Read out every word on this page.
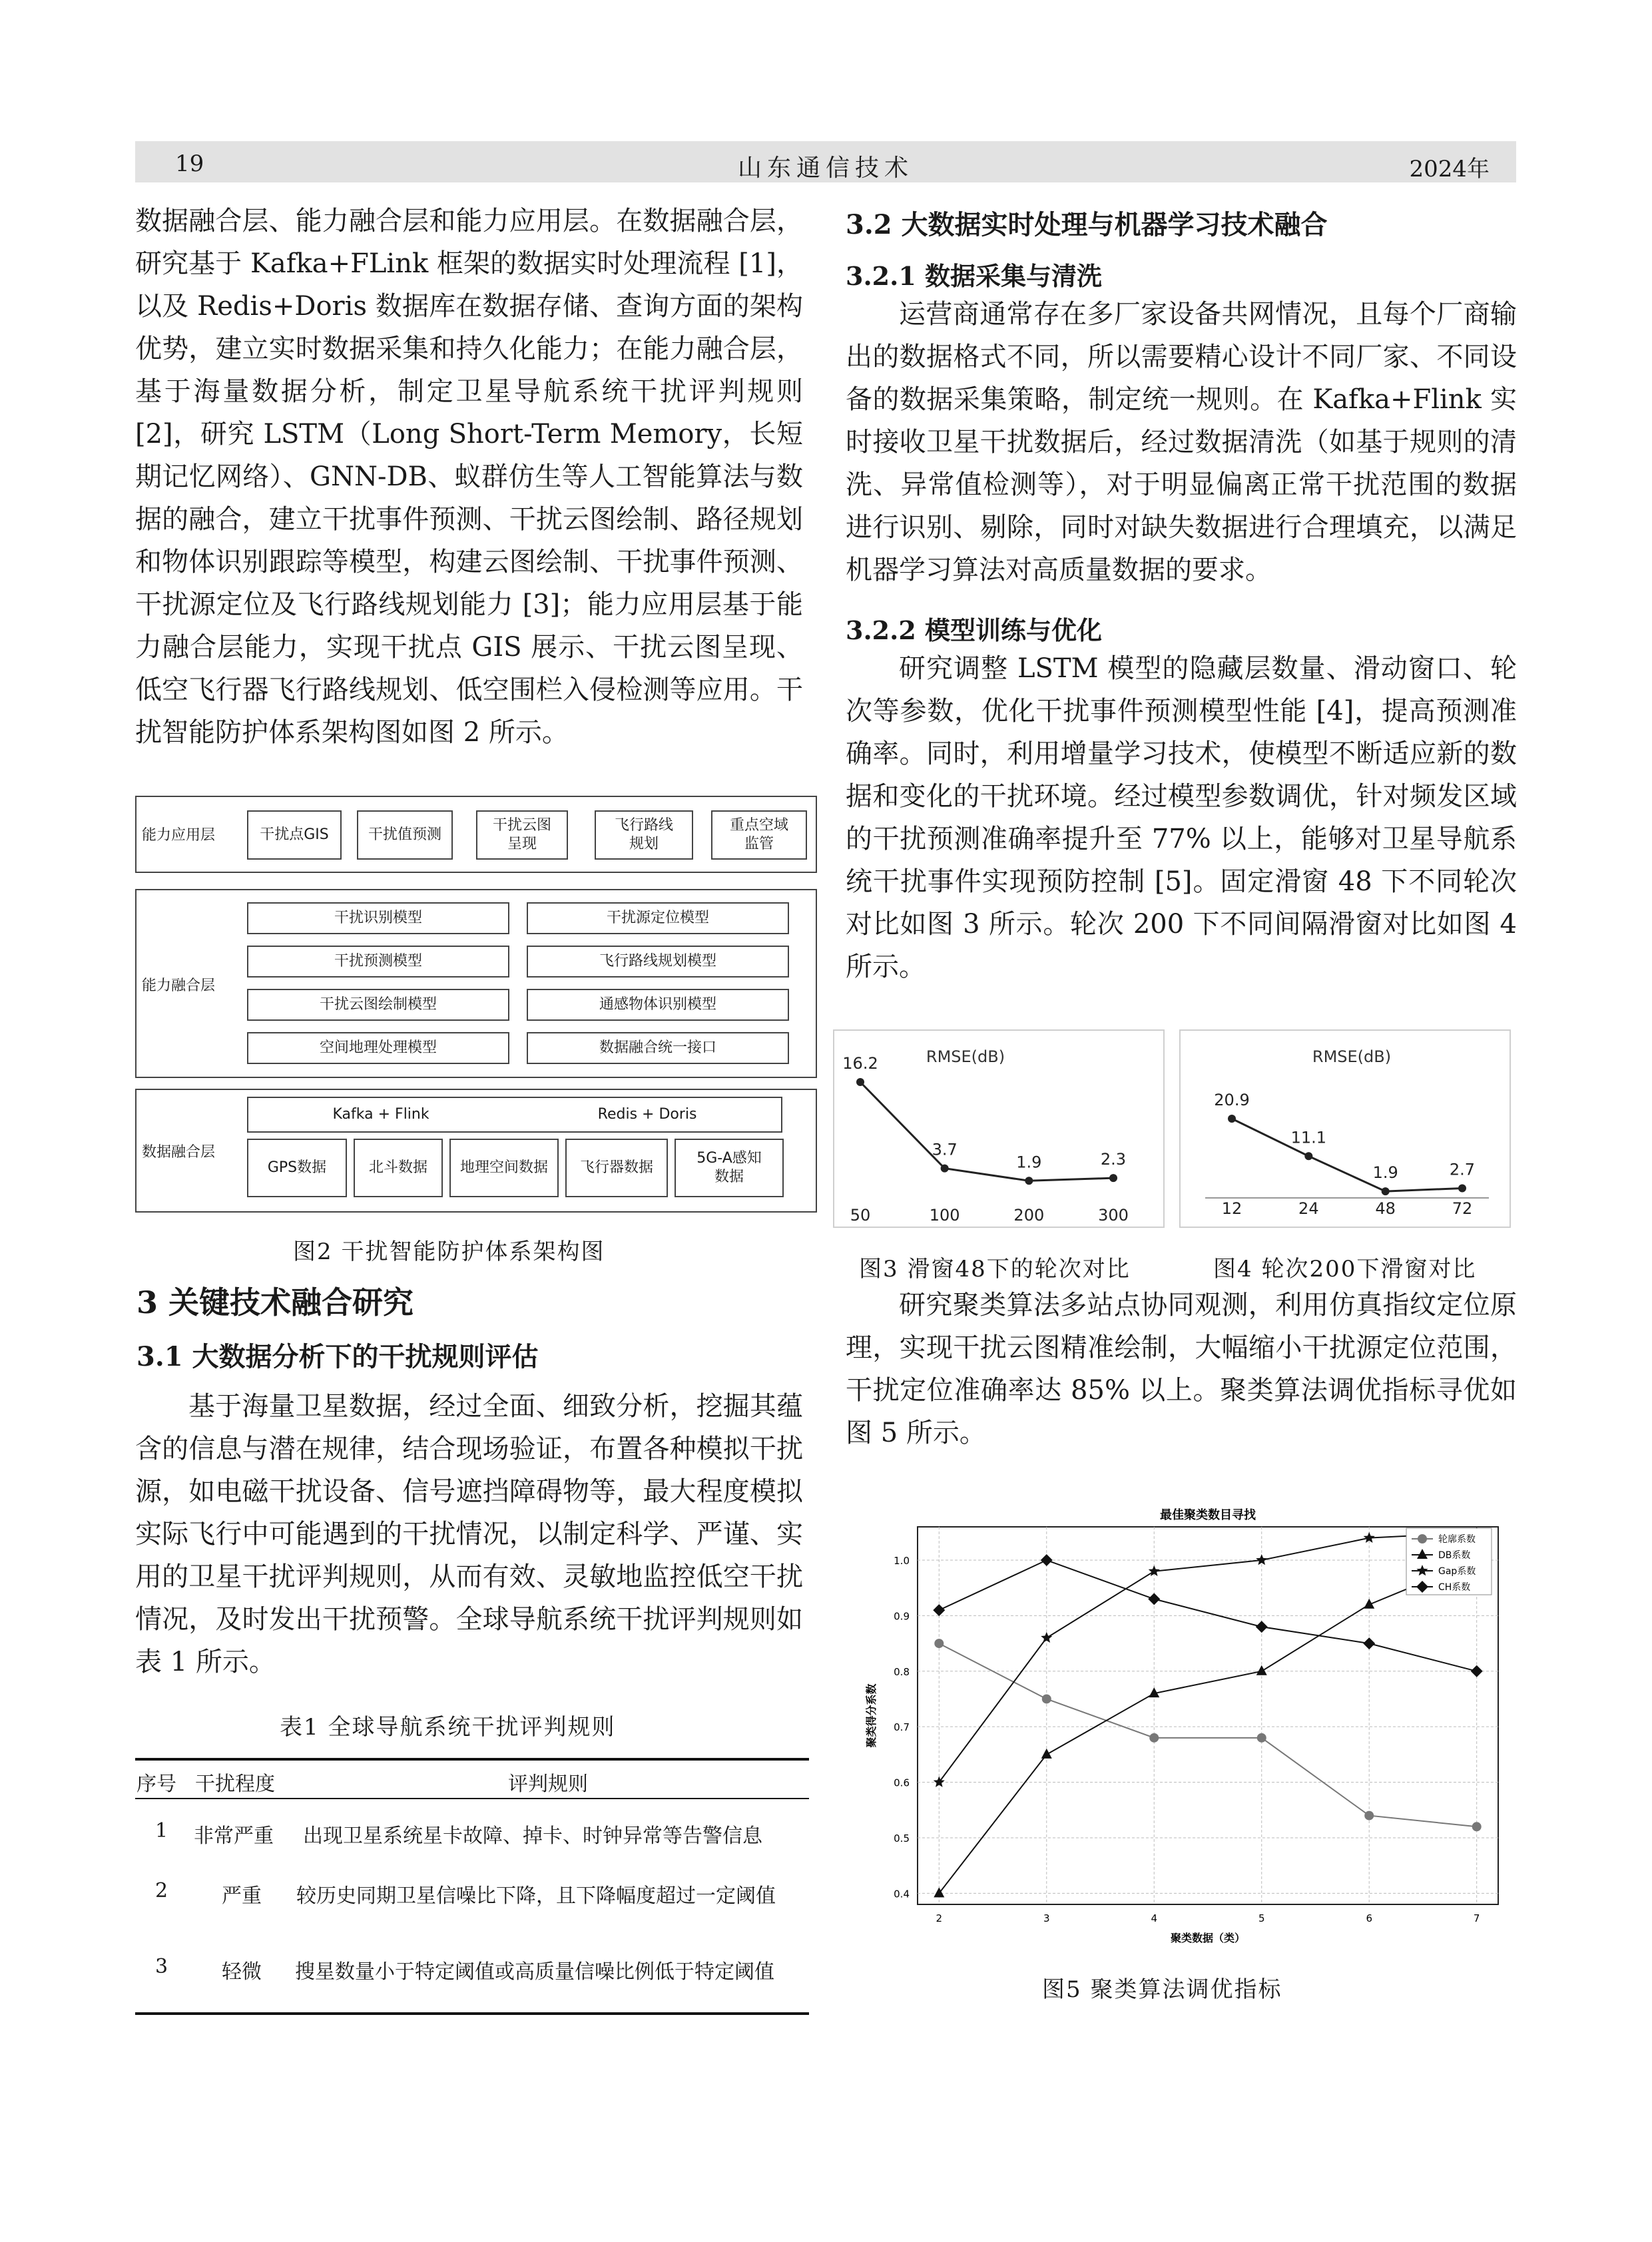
19	山东通信技术	2024年

数据融合层、能力融合层和能力应用层。在数据融合层，研究基于 Kafka+FLink 框架的数据实时处理流程 [1]，以及 Redis+Doris 数据库在数据存储、查询方面的架构优势，建立实时数据采集和持久化能力；在能力融合层，基于海量数据分析，制定卫星导航系统干扰评判规则 [2]，研究 LSTM（Long Short-Term Memory，长短期记忆网络）、GNN-DB、蚁群仿生等人工智能算法与数据的融合，建立干扰事件预测、干扰云图绘制、路径规划和物体识别跟踪等模型，构建云图绘制、干扰事件预测、干扰源定位及飞行路线规划能力 [3]；能力应用层基于能力融合层能力，实现干扰点 GIS 展示、干扰云图呈现、低空飞行器飞行路线规划、低空围栏入侵检测等应用。干扰智能防护体系架构图如图 2 所示。

能力应用层	干扰点GIS	干扰值预测
干扰云图
呈现
飞行路线
规划
重点空域
监管
能力融合层
干扰识别模型	干扰源定位模型
干扰预测模型	飞行路线规划模型
干扰云图绘制模型	通感物体识别模型
空间地理处理模型	数据融合统一接口
数据融合层
Kafka + Flink	Redis + Doris
GPS数据	北斗数据 地理空间数据 飞行器数据
5G-A感知
数据
图2 干扰智能防护体系架构图
3 关键技术融合研究
3.1 大数据分析下的干扰规则评估

基于海量卫星数据，经过全面、细致分析，挖掘其蕴含的信息与潜在规律，结合现场验证，布置各种模拟干扰源，如电磁干扰设备、信号遮挡障碍物等，最大程度模拟实际飞行中可能遇到的干扰情况，以制定科学、严谨、实用的卫星干扰评判规则，从而有效、灵敏地监控低空干扰情况，及时发出干扰预警。全球导航系统干扰评判规则如表 1 所示。

表1 全球导航系统干扰评判规则
序号 干扰程度	评判规则
1 非常严重 出现卫星系统星卡故障、掉卡、时钟异常等告警信息
2	严重 较历史同期卫星信噪比下降，且下降幅度超过一定阈值
3	轻微 搜星数量小于特定阈值或高质量信噪比例低于特定阈值
3.2 大数据实时处理与机器学习技术融合
3.2.1 数据采集与清洗

运营商通常存在多厂家设备共网情况，且每个厂商输出的数据格式不同，所以需要精心设计不同厂家、不同设备的数据采集策略，制定统一规则。在 Kafka+Flink 实时接收卫星干扰数据后，经过数据清洗（如基于规则的清洗、异常值检测等），对于明显偏离正常干扰范围的数据进行识别、剔除，同时对缺失数据进行合理填充，以满足机器学习算法对高质量数据的要求。

3.2.2 模型训练与优化

研究调整 LSTM 模型的隐藏层数量、滑动窗口、轮次等参数，优化干扰事件预测模型性能 [4]，提高预测准确率。同时，利用增量学习技术，使模型不断适应新的数据和变化的干扰环境。经过模型参数调优，针对频发区域的干扰预测准确率提升至 77% 以上，能够对卫星导航系统干扰事件实现预防控制 [5]。固定滑窗 48 下不同轮次对比如图 3 所示。轮次 200 下不同间隔滑窗对比如图 4 所示。

RMSE(dB)
16.2
50
3.7
100
1.9
200
2.3
300
RMSE(dB)
20.9
12
11.1
24
1.9
48
2.7
72
图3 滑窗48下的轮次对比	图4 轮次200下滑窗对比

研究聚类算法多站点协同观测，利用仿真指纹定位原理，实现干扰云图精准绘制，大幅缩小干扰源定位范围，干扰定位准确率达 85% 以上。聚类算法调优指标寻优如图 5 所示。

最佳聚类数目寻找
0.4
0.5
0.6
0.7
0.8
0.9
1.0
2	3	4	5	6	7
聚类数据（类）
聚类得分系数
轮廓系数
DB系数
Gap系数
CH系数
图5 聚类算法调优指标
